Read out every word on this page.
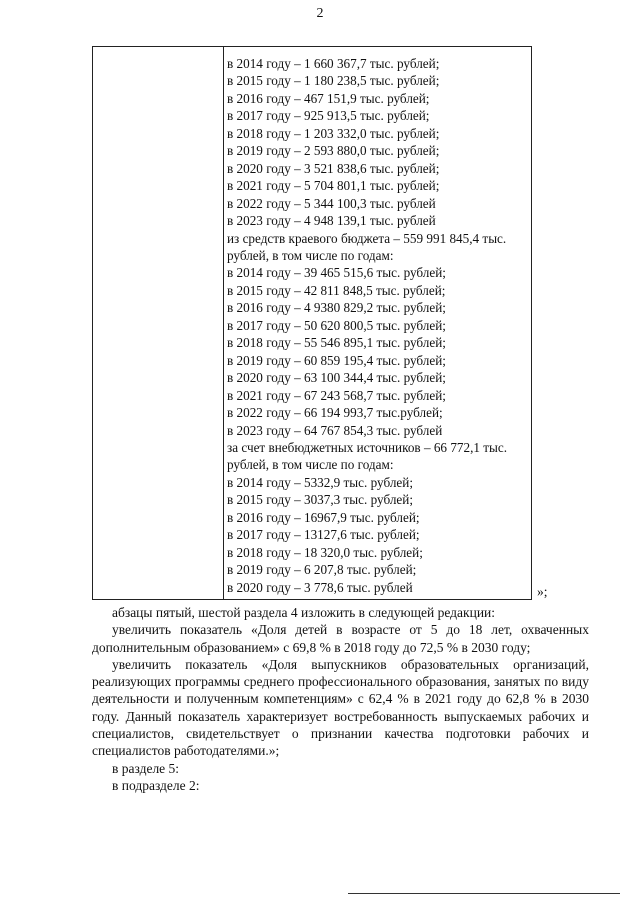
2
в 2014 году – 1 660 367,7 тыс. рублей;
в 2015 году – 1 180 238,5 тыс. рублей;
в 2016 году – 467 151,9 тыс. рублей;
в 2017 году – 925 913,5 тыс. рублей;
в 2018 году – 1 203 332,0 тыс. рублей;
в 2019 году – 2 593 880,0 тыс. рублей;
в 2020 году – 3 521 838,6 тыс. рублей;
в 2021 году – 5 704 801,1 тыс. рублей;
в 2022 году – 5 344 100,3 тыс. рублей
в 2023 году – 4 948 139,1 тыс. рублей
из средств краевого бюджета – 559 991 845,4 тыс.
рублей, в том числе по годам:
в 2014 году – 39 465 515,6 тыс. рублей;
в 2015 году – 42 811 848,5 тыс. рублей;
в 2016 году – 4 9380 829,2 тыс. рублей;
в 2017 году – 50 620 800,5 тыс. рублей;
в 2018 году – 55 546 895,1 тыс. рублей;
в 2019 году – 60 859 195,4 тыс. рублей;
в 2020 году – 63 100 344,4 тыс. рублей;
в 2021 году – 67 243 568,7 тыс. рублей;
в 2022 году – 66 194 993,7 тыс.рублей;
в 2023 году – 64 767 854,3 тыс. рублей
за счет внебюджетных источников – 66 772,1 тыс.
рублей, в том числе по годам:
в 2014 году – 5332,9 тыс. рублей;
в 2015 году – 3037,3 тыс. рублей;
в 2016 году – 16967,9 тыс. рублей;
в 2017 году – 13127,6 тыс. рублей;
в 2018 году – 18 320,0 тыс. рублей;
в 2019 году – 6 207,8 тыс. рублей;
в 2020 году – 3 778,6 тыс. рублей	»;
абзацы пятый, шестой раздела 4 изложить в следующей редакции:
увеличить показатель «Доля детей в возрасте от 5 до 18 лет, охваченных дополнительным образованием» с 69,8 % в 2018 году до 72,5 % в 2030 году;
увеличить показатель «Доля выпускников образовательных организаций, реализующих программы среднего профессионального образования, занятых по виду деятельности и полученным компетенциям» с 62,4 % в 2021 году до 62,8 % в 2030 году. Данный показатель характеризует востребованность выпускаемых рабочих и специалистов, свидетельствует о признании качества подготовки рабочих и специалистов работодателями.»;
в разделе 5:
в подразделе 2:
